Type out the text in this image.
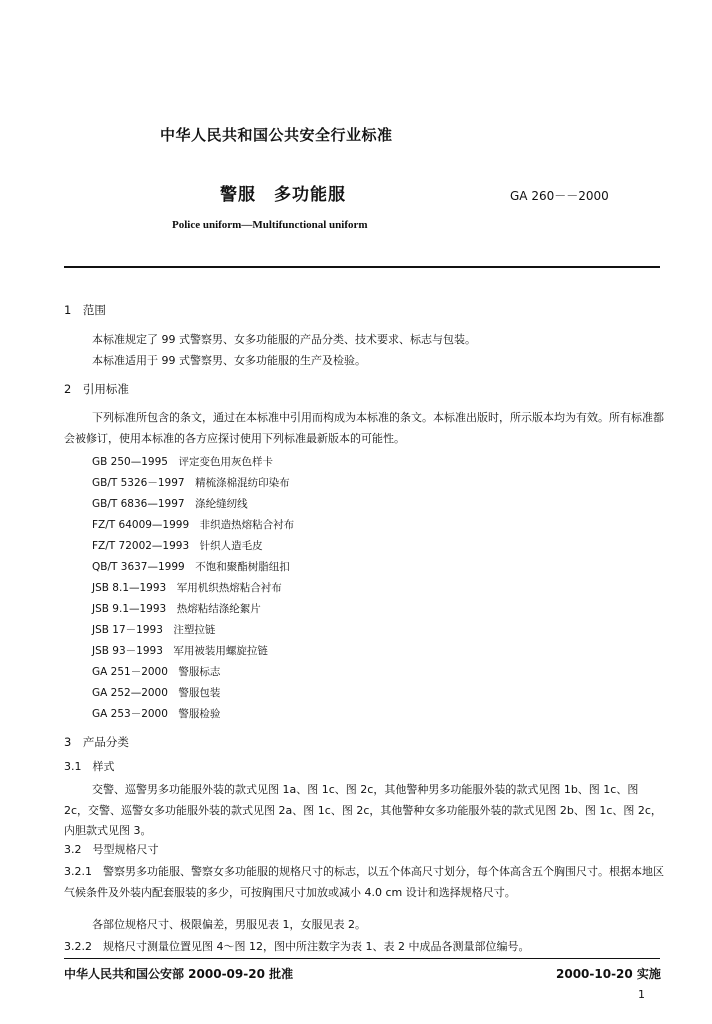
中华人民共和国公共安全行业标准
警服　多功能服	GA 260－－2000
Police uniform—Multifunctional uniform
1　范围
本标准规定了 99 式警察男、女多功能服的产品分类、技术要求、标志与包装。
本标准适用于 99 式警察男、女多功能服的生产及检验。
2　引用标准
下列标准所包含的条文，通过在本标准中引用而构成为本标准的条文。本标准出版时，所示版本均为有效。所有标准都会被修订，使用本标准的各方应探讨使用下列标准最新版本的可能性。
GB 250—1995　评定变色用灰色样卡
GB/T 5326－1997　精梳涤棉混纺印染布
GB/T 6836—1997　涤纶缝纫线
FZ/T 64009—1999　非织造热熔粘合衬布
FZ/T 72002—1993　针织人造毛皮
QB/T 3637—1999　不饱和聚酯树脂纽扣
JSB 8.1—1993　军用机织热熔粘合衬布
JSB 9.1—1993　热熔粘结涤纶絮片
JSB 17－1993　注塑拉链
JSB 93－1993　军用被装用螺旋拉链
GA 251－2000　警服标志
GA 252—2000　警服包装
GA 253－2000　警服检验
3　产品分类
3.1　样式
交警、巡警男多功能服外装的款式见图 1a、图 1c、图 2c，其他警种男多功能服外装的款式见图 1b、图 1c、图 2c，交警、巡警女多功能服外装的款式见图 2a、图 1c、图 2c，其他警种女多功能服外装的款式见图 2b、图 1c、图 2c，内胆款式见图 3。
3.2　号型规格尺寸
3.2.1　警察男多功能服、警察女多功能服的规格尺寸的标志，以五个体高尺寸划分，每个体高含五个胸围尺寸。根据本地区气候条件及外装内配套服装的多少，可按胸围尺寸加放或减小 4.0 cm 设计和选择规格尺寸。
各部位规格尺寸、极限偏差，男服见表 1，女服见表 2。
3.2.2　规格尺寸测量位置见图 4～图 12，图中所注数字为表 1、表 2 中成品各测量部位编号。
中华人民共和国公安部 2000-09-20 批准	2000-10-20 实施
1
